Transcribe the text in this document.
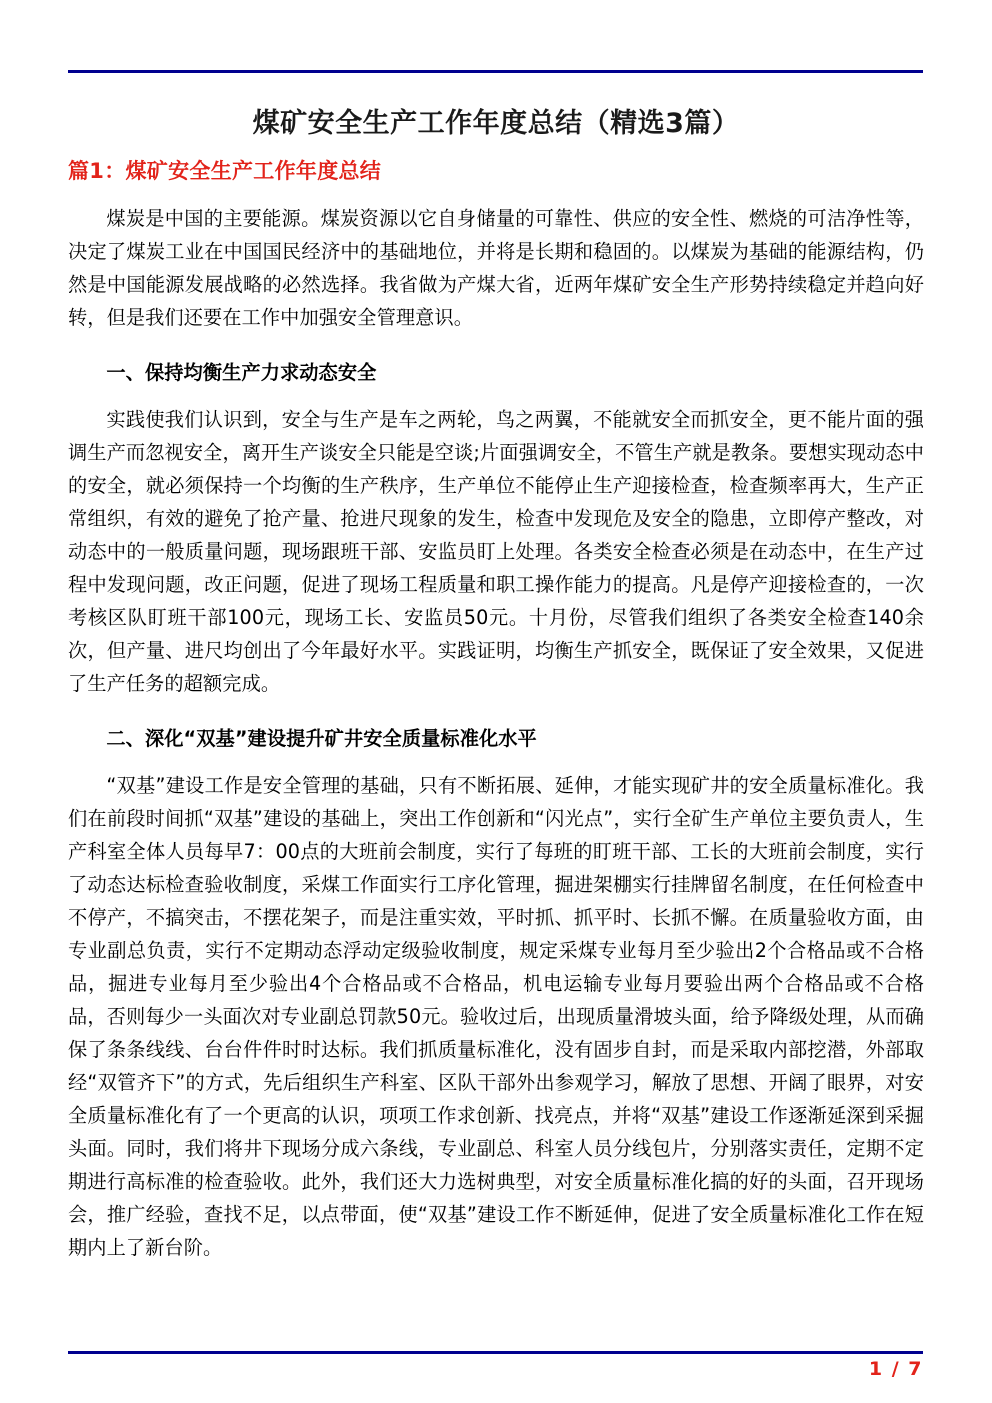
煤矿安全生产工作年度总结（精选3篇）
篇1：煤矿安全生产工作年度总结

煤炭是中国的主要能源。煤炭资源以它自身储量的可靠性、供应的安全性、燃烧的可洁净性等，决定了煤炭工业在中国国民经济中的基础地位，并将是长期和稳固的。以煤炭为基础的能源结构，仍然是中国能源发展战略的必然选择。我省做为产煤大省，近两年煤矿安全生产形势持续稳定并趋向好转，但是我们还要在工作中加强安全管理意识。

一、保持均衡生产力求动态安全

实践使我们认识到，安全与生产是车之两轮，鸟之两翼，不能就安全而抓安全，更不能片面的强调生产而忽视安全，离开生产谈安全只能是空谈;片面强调安全，不管生产就是教条。要想实现动态中的安全，就必须保持一个均衡的生产秩序，生产单位不能停止生产迎接检查，检查频率再大，生产正常组织，有效的避免了抢产量、抢进尺现象的发生，检查中发现危及安全的隐患，立即停产整改，对动态中的一般质量问题，现场跟班干部、安监员盯上处理。各类安全检查必须是在动态中，在生产过程中发现问题，改正问题，促进了现场工程质量和职工操作能力的提高。凡是停产迎接检查的，一次考核区队盯班干部100元，现场工长、安监员50元。十月份，尽管我们组织了各类安全检查140余次，但产量、进尺均创出了今年最好水平。实践证明，均衡生产抓安全，既保证了安全效果，又促进了生产任务的超额完成。

二、深化“双基”建设提升矿井安全质量标准化水平

“双基”建设工作是安全管理的基础，只有不断拓展、延伸，才能实现矿井的安全质量标准化。我们在前段时间抓“双基”建设的基础上，突出工作创新和“闪光点”，实行全矿生产单位主要负责人，生产科室全体人员每早7：00点的大班前会制度，实行了每班的盯班干部、工长的大班前会制度，实行了动态达标检查验收制度，采煤工作面实行工序化管理，掘进架棚实行挂牌留名制度，在任何检查中不停产，不搞突击，不摆花架子，而是注重实效，平时抓、抓平时、长抓不懈。在质量验收方面，由专业副总负责，实行不定期动态浮动定级验收制度，规定采煤专业每月至少验出2个合格品或不合格品，掘进专业每月至少验出4个合格品或不合格品，机电运输专业每月要验出两个合格品或不合格品，否则每少一头面次对专业副总罚款50元。验收过后，出现质量滑坡头面，给予降级处理，从而确保了条条线线、台台件件时时达标。我们抓质量标准化，没有固步自封，而是采取内部挖潜，外部取经“双管齐下”的方式，先后组织生产科室、区队干部外出参观学习，解放了思想、开阔了眼界，对安全质量标准化有了一个更高的认识，项项工作求创新、找亮点，并将“双基”建设工作逐渐延深到采掘头面。同时，我们将井下现场分成六条线，专业副总、科室人员分线包片，分别落实责任，定期不定期进行高标准的检查验收。此外，我们还大力选树典型，对安全质量标准化搞的好的头面，召开现场会，推广经验，查找不足，以点带面，使“双基”建设工作不断延伸，促进了安全质量标准化工作在短期内上了新台阶。

1 / 7
